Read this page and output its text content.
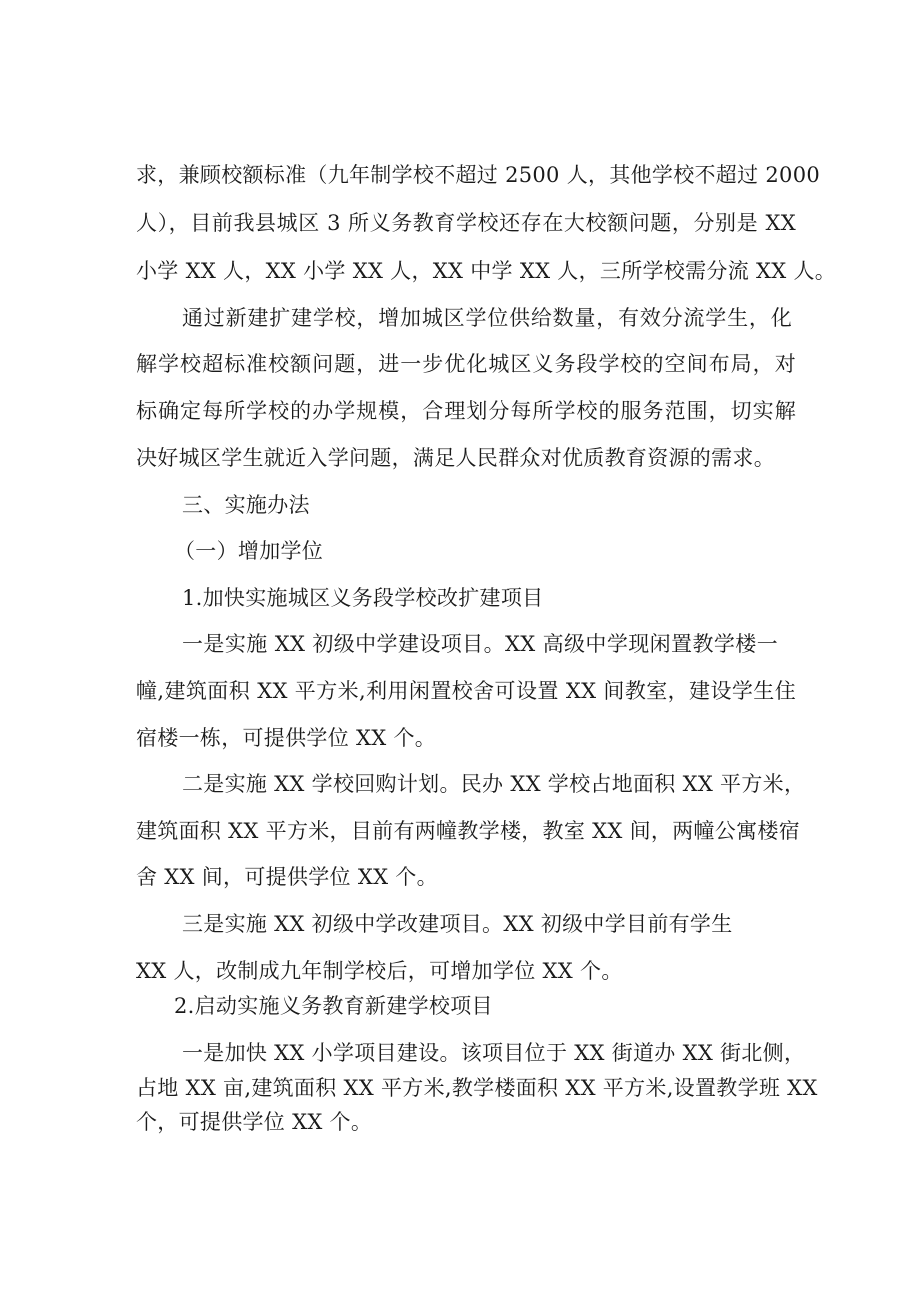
求，兼顾校额标准（九年制学校不超过 2500 人，其他学校不超过 2000
人），目前我县城区 3 所义务教育学校还存在大校额问题，分别是 XX
小学 XX 人，XX 小学 XX 人，XX 中学 XX 人，三所学校需分流 XX 人。
通过新建扩建学校，增加城区学位供给数量，有效分流学生，化
解学校超标准校额问题，进一步优化城区义务段学校的空间布局，对
标确定每所学校的办学规模，合理划分每所学校的服务范围，切实解
决好城区学生就近入学问题，满足人民群众对优质教育资源的需求。
三、实施办法
（一）增加学位
1.加快实施城区义务段学校改扩建项目
一是实施 XX 初级中学建设项目。XX 高级中学现闲置教学楼一
幢,建筑面积 XX 平方米,利用闲置校舍可设置 XX 间教室，建设学生住
宿楼一栋，可提供学位 XX 个。
二是实施 XX 学校回购计划。民办 XX 学校占地面积 XX 平方米，
建筑面积 XX 平方米，目前有两幢教学楼，教室 XX 间，两幢公寓楼宿
舍 XX 间，可提供学位 XX 个。
三是实施 XX 初级中学改建项目。XX 初级中学目前有学生
XX 人，改制成九年制学校后，可增加学位 XX 个。
2.启动实施义务教育新建学校项目
一是加快 XX 小学项目建设。该项目位于 XX 街道办 XX 街北侧，
占地 XX 亩,建筑面积 XX 平方米,教学楼面积 XX 平方米,设置教学班 XX
个，可提供学位 XX 个。
